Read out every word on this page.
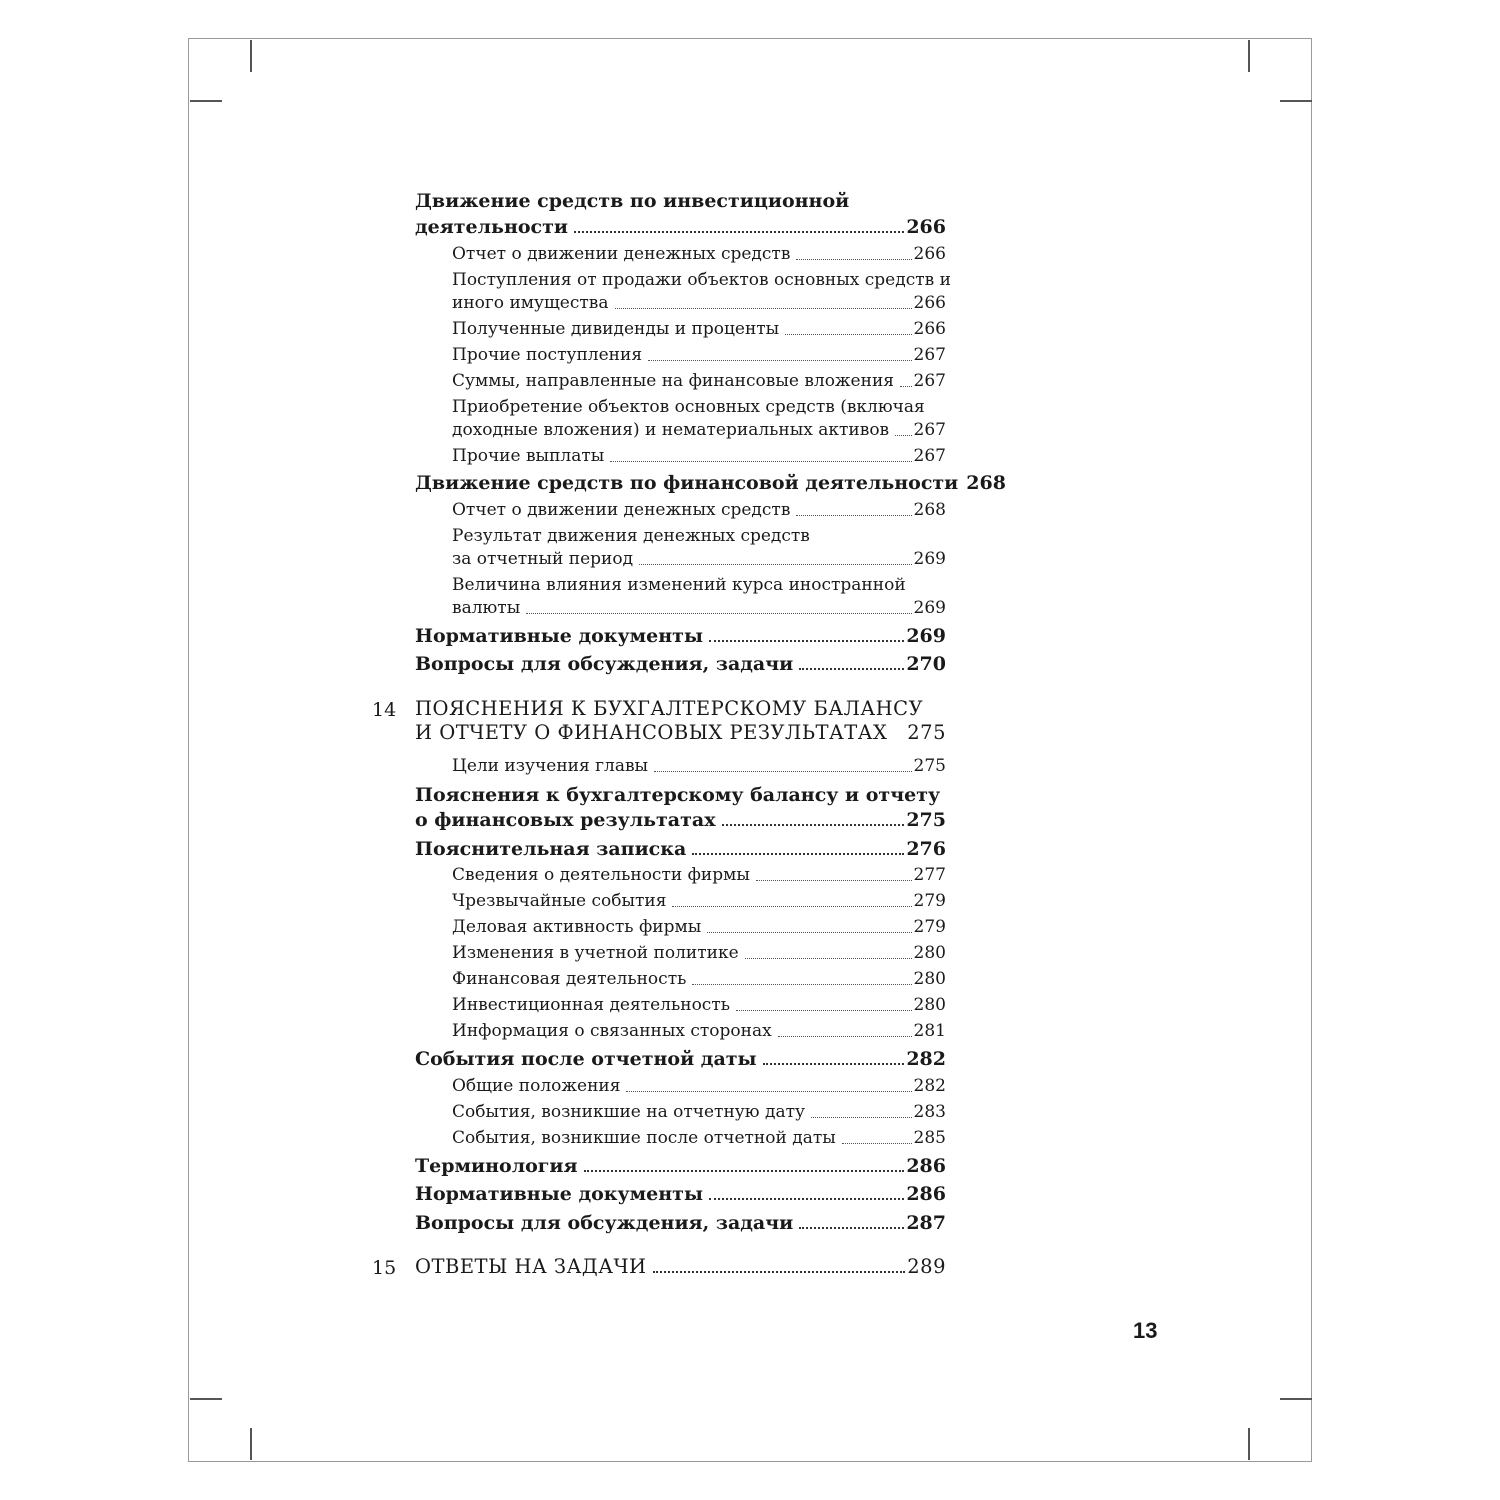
Движение средств по инвестиционной
деятельности	266
Отчет о движении денежных средств	266
Поступления от продажи объектов основных средств и
иного имущества	266
Полученные дивиденды и проценты	266
Прочие поступления	267
Суммы, направленные на финансовые вложения 267
Приобретение объектов основных средств (включая
доходные вложения) и нематериальных активов 267
Прочие выплаты	267
Движение средств по финансовой деятельности 268
Отчет о движении денежных средств	268
Результат движения денежных средств
за отчетный период	269
Величина влияния изменений курса иностранной
валюты	269
Нормативные документы	269
Вопросы для обсуждения, задачи	270
14 ПОЯСНЕНИЯ К БУХГАЛТЕРСКОМУ БАЛАНСУ
И ОТЧЕТУ О ФИНАНСОВЫХ РЕЗУЛЬТАТАХ 275
Цели изучения главы	275
Пояснения к бухгалтерскому балансу и отчету
о финансовых результатах	275
Пояснительная записка	276
Сведения о деятельности фирмы	277
Чрезвычайные события	279
Деловая активность фирмы	279
Изменения в учетной политике	280
Финансовая деятельность	280
Инвестиционная деятельность	280
Информация о связанных сторонах	281
События после отчетной даты	282
Общие положения	282
События, возникшие на отчетную дату	283
События, возникшие после отчетной даты	285
Терминология	286
Нормативные документы	286
Вопросы для обсуждения, задачи	287
15 ОТВЕТЫ НА ЗАДАЧИ	289
13
